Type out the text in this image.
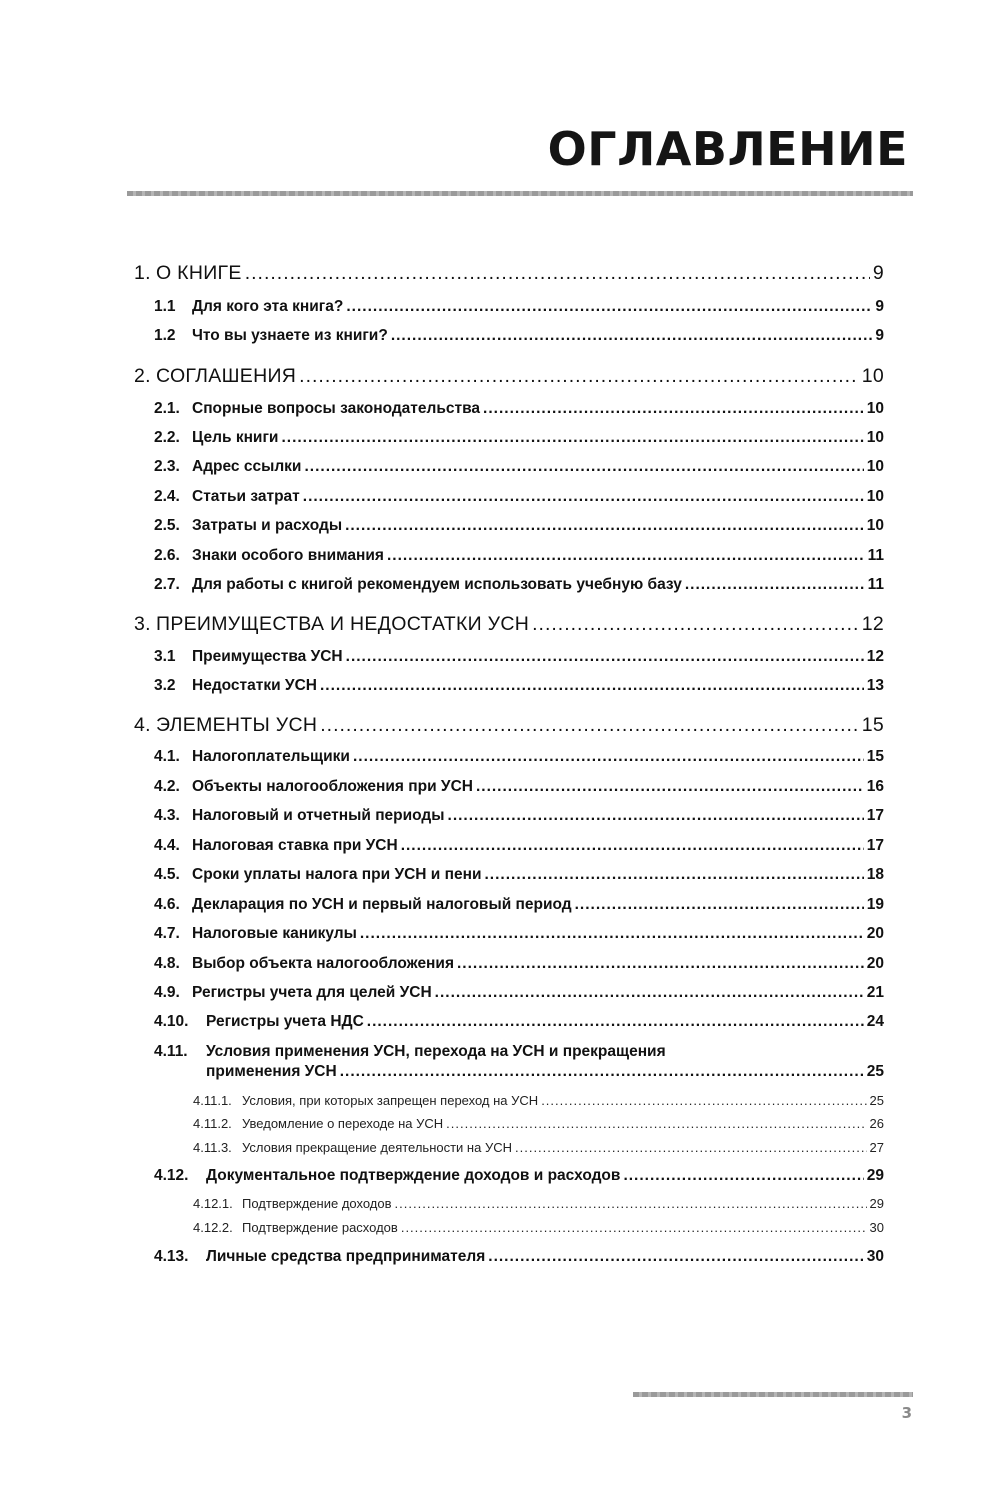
ОГЛАВЛЕНИЕ
1. О КНИГЕ .....	9
1.1	Для кого эта книга? .....	9
1.2	Что вы узнаете из книги? .....	9
2. СОГЛАШЕНИЯ .....	10
2.1. Спорные вопросы законодательства .....	10
2.2. Цель книги .....	10
2.3. Адрес ссылки .....	10
2.4. Статьи затрат .....	10
2.5. Затраты и расходы .....	10
2.6. Знаки особого внимания .....	11
2.7. Для работы с книгой рекомендуем использовать учебную базу .....	11
3. ПРЕИМУЩЕСТВА И НЕДОСТАТКИ УСН .....	12
3.1	Преимущества УСН .....	12
3.2	Недостатки УСН .....	13
4. ЭЛЕМЕНТЫ УСН .....	15
4.1. Налогоплательщики .....	15
4.2. Объекты налогообложения при УСН .....	16
4.3. Налоговый и отчетный периоды .....	17
4.4. Налоговая ставка при УСН .....	17
4.5. Сроки уплаты налога при УСН и пени .....	18
4.6. Декларация по УСН и первый налоговый период .....	19
4.7. Налоговые каникулы .....	20
4.8. Выбор объекта налогообложения .....	20
4.9. Регистры учета для целей УСН .....	21
4.10.	Регистры учета НДС .....	24
4.11. Условия применения УСН, перехода на УСН и прекращения
применения УСН .....	25
4.11.1. Условия, при которых запрещен переход на УСН .....	25
4.11.2. Уведомление о переходе на УСН .....	26
4.11.3. Условия прекращение деятельности на УСН .....	27
4.12.	Документальное подтверждение доходов и расходов .....	29
4.12.1. Подтверждение доходов .....	29
4.12.2. Подтверждение расходов .....	30
4.13.	Личные средства предпринимателя .....	30
3
